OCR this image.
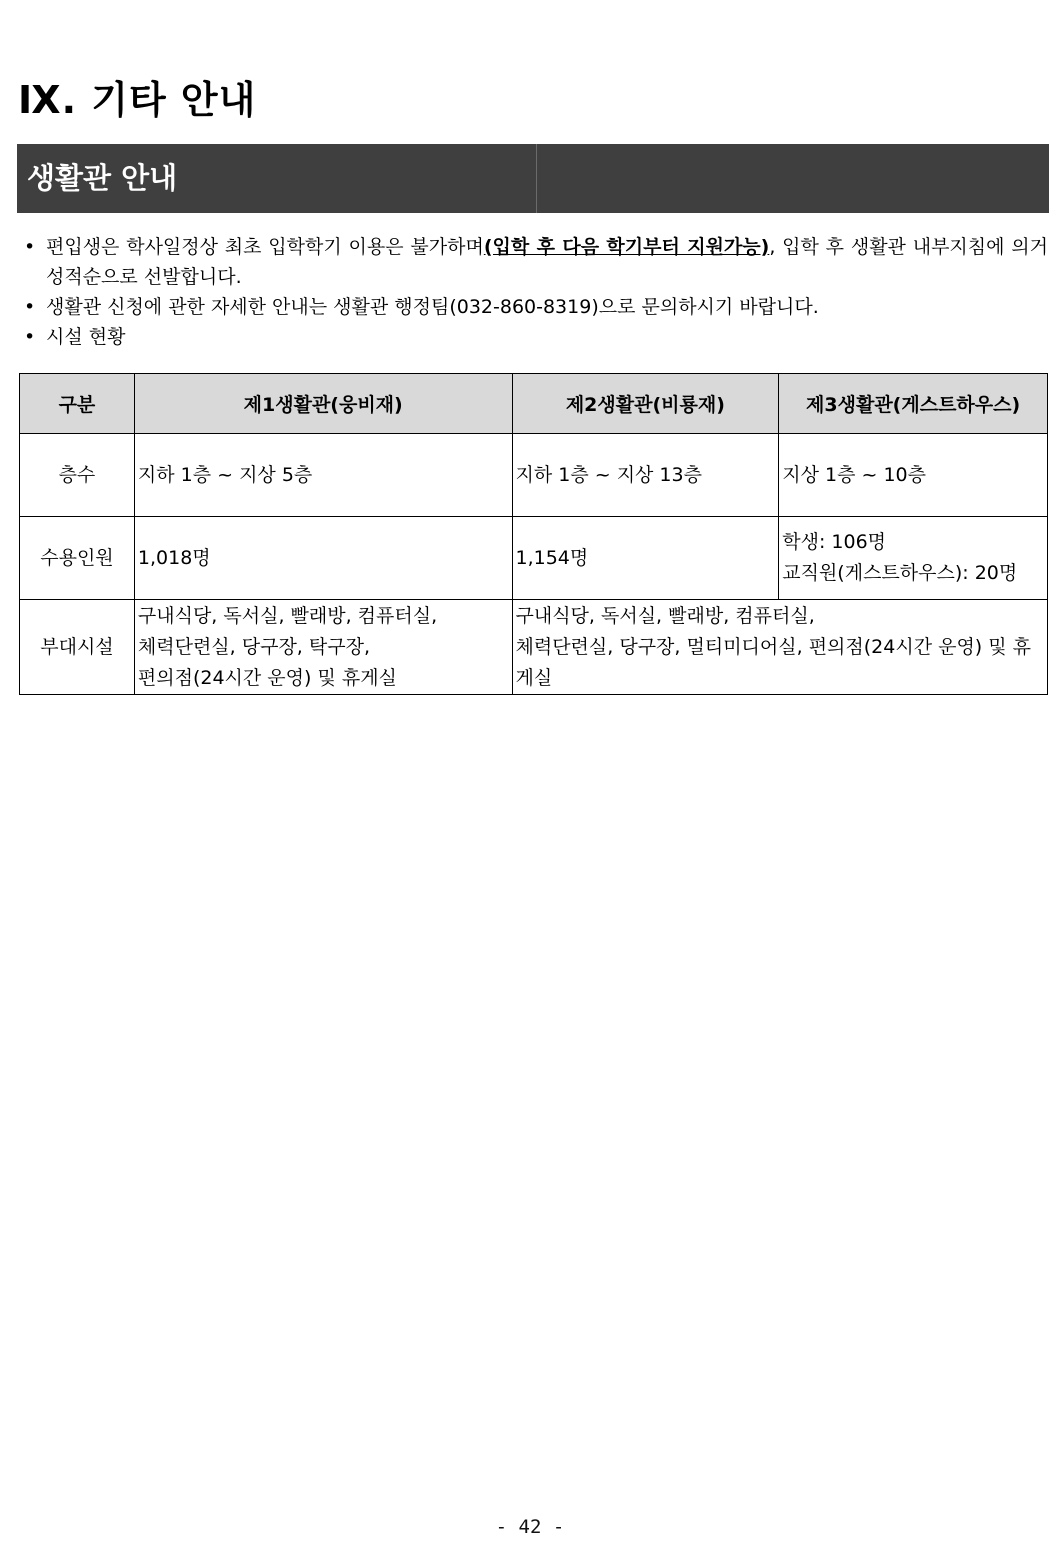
Ⅸ. 기타 안내
생활관 안내
• 편입생은 학사일정상 최초 입학학기 이용은 불가하며(입학 후 다음 학기부터 지원가능), 입학 후 생활관 내부지침에 의거 성적순으로 선발합니다.
• 생활관 신청에 관한 자세한 안내는 생활관 행정팀(032-860-8319)으로 문의하시기 바랍니다.
• 시설 현황
구분	제1생활관(웅비재)	제2생활관(비룡재)	제3생활관(게스트하우스)
층수	지하 1층 ~ 지상 5층	지하 1층 ~ 지상 13층	지상 1층 ~ 10층
수용인원	1,018명	1,154명	학생: 106명
교직원(게스트하우스): 20명
부대시설	구내식당, 독서실, 빨래방, 컴퓨터실,
체력단련실, 당구장, 탁구장,
편의점(24시간 운영) 및 휴게실	구내식당, 독서실, 빨래방, 컴퓨터실,
체력단련실, 당구장, 멀티미디어실, 편의점(24시간 운영) 및 휴게실	
- 42 -
